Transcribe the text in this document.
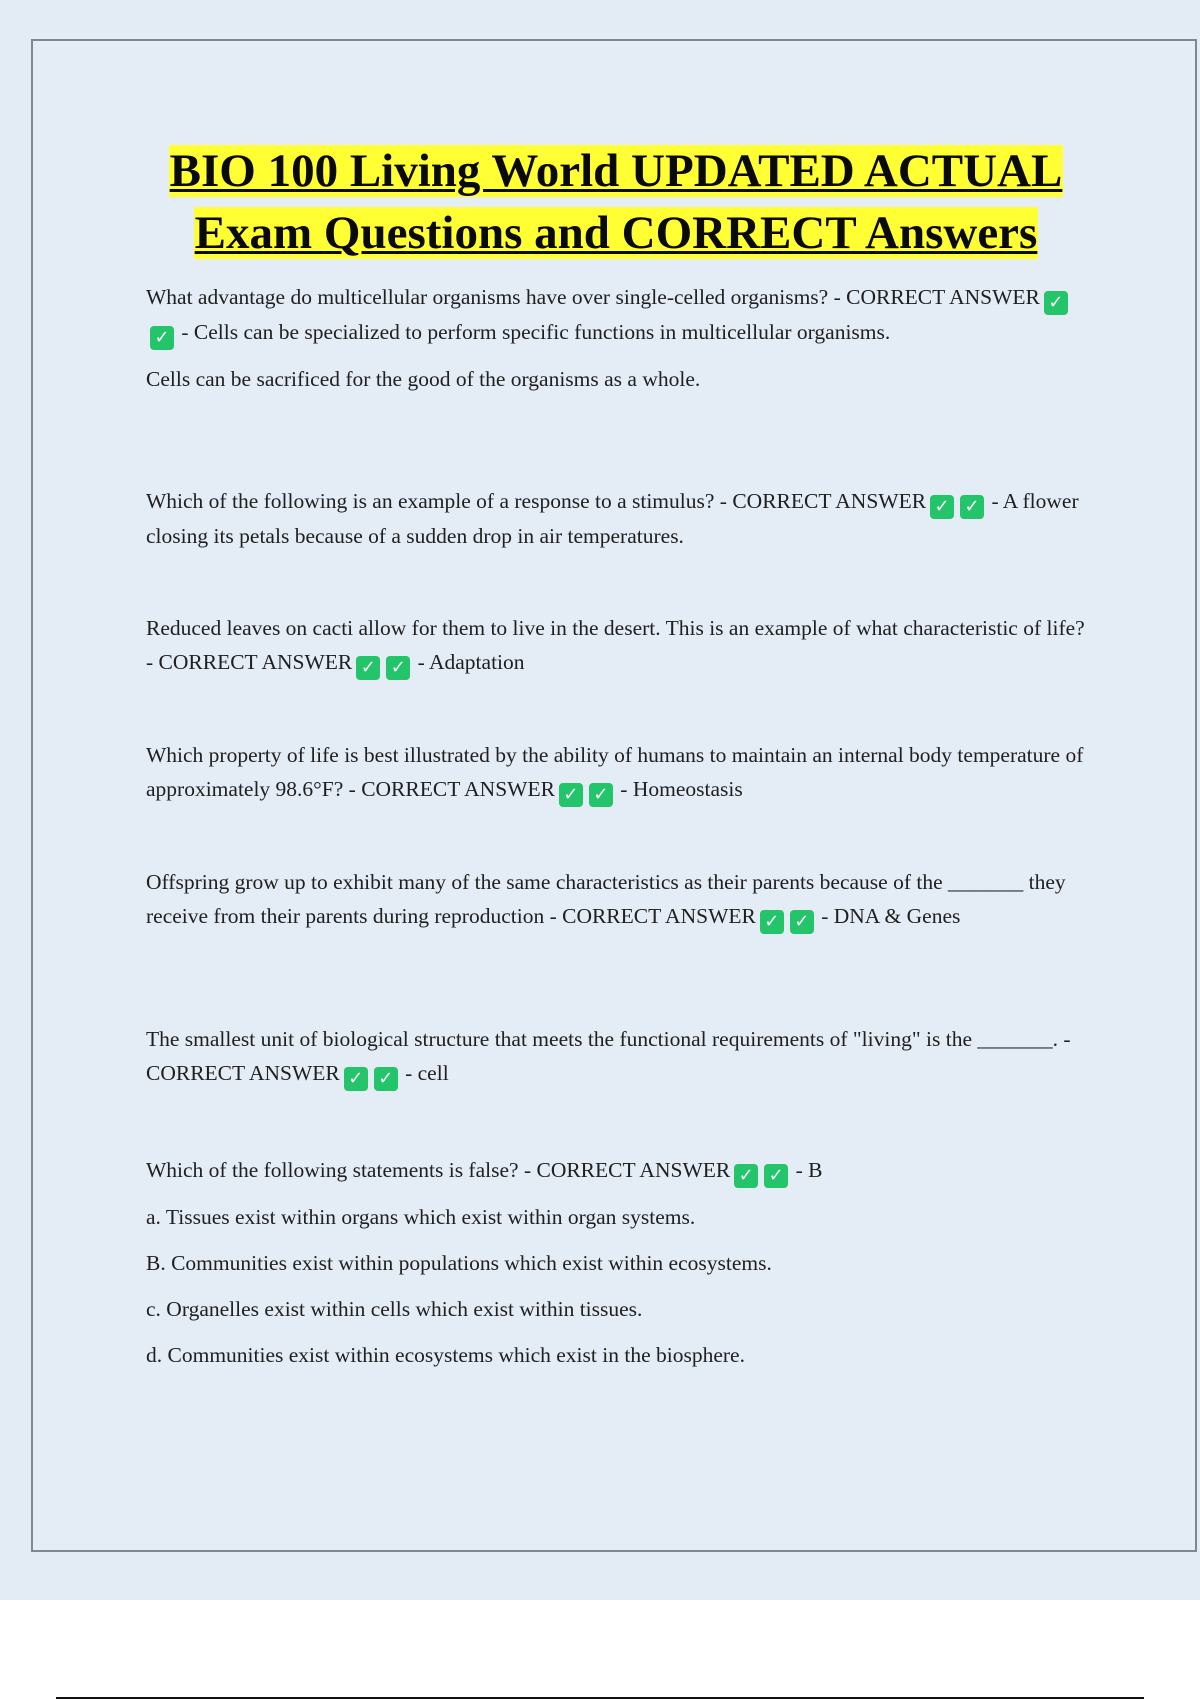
BIO 100 Living World UPDATED ACTUAL
Exam Questions and CORRECT Answers

What advantage do multicellular organisms have over single-celled organisms? - CORRECT ANSWER ✓✓ - Cells can be specialized to perform specific functions in multicellular organisms.

Cells can be sacrificed for the good of the organisms as a whole.

Which of the following is an example of a response to a stimulus? - CORRECT ANSWER ✓ ✓ - A flower closing its petals because of a sudden drop in air temperatures.

Reduced leaves on cacti allow for them to live in the desert. This is an example of what characteristic of life? - CORRECT ANSWER ✓ ✓ - Adaptation

Which property of life is best illustrated by the ability of humans to maintain an internal body temperature of approximately 98.6°F? - CORRECT ANSWER ✓ ✓ - Homeostasis

Offspring grow up to exhibit many of the same characteristics as their parents because of the _______ they receive from their parents during reproduction - CORRECT ANSWER ✓ ✓ - DNA & Genes

The smallest unit of biological structure that meets the functional requirements of "living" is the _______. - CORRECT ANSWER ✓ ✓ - cell

Which of the following statements is false? - CORRECT ANSWER ✓ ✓ - B

a. Tissues exist within organs which exist within organ systems.

B. Communities exist within populations which exist within ecosystems.

c. Organelles exist within cells which exist within tissues.

d. Communities exist within ecosystems which exist in the biosphere.
